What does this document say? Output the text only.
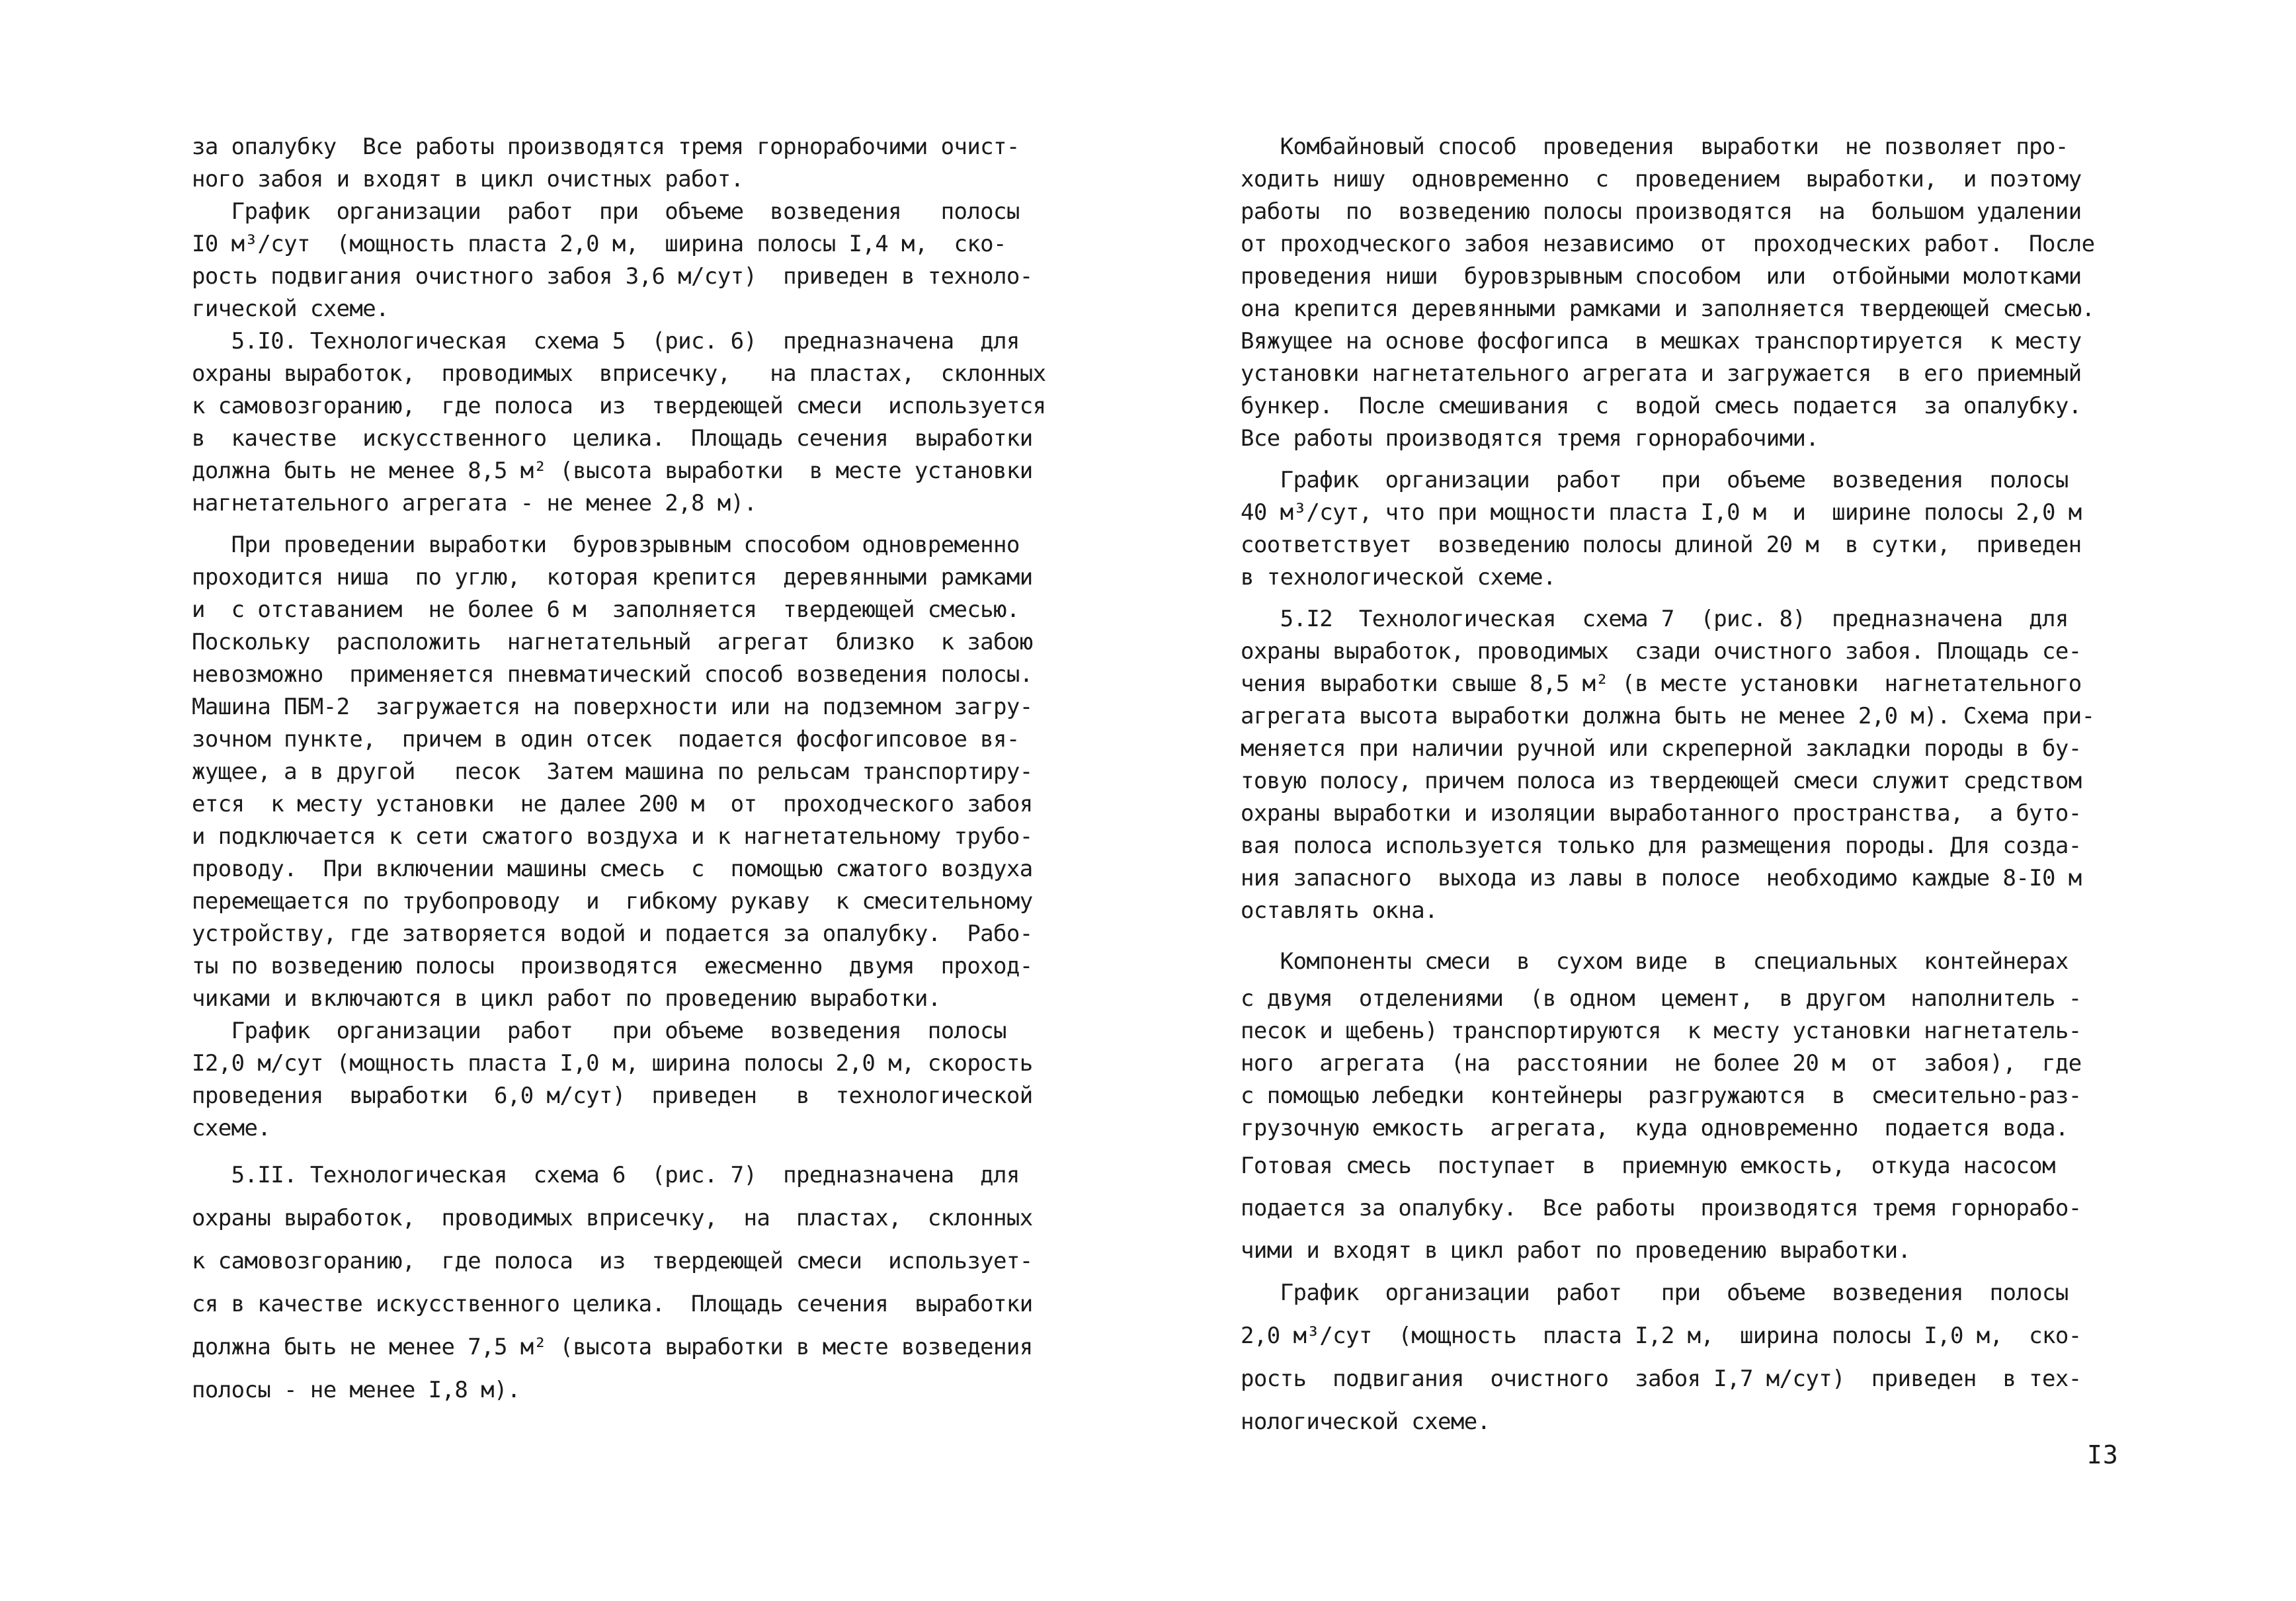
за опалубку  Все работы производятся тремя горнорабочими очист-
ного забоя и входят в цикл очистных работ.
График  организации  работ  при  объеме  возведения   полосы
I0 м³/сут  (мощность пласта 2,0 м,  ширина полосы I,4 м,  ско-
рость подвигания очистного забоя 3,6 м/сут)  приведен в техноло-
гической схеме.
5.I0. Технологическая  схема 5  (рис. 6)  предназначена  для
охраны выработок,  проводимых  вприсечку,   на пластах,  склонных
к самовозгоранию,  где полоса  из  твердеющей смеси  используется
в  качестве  искусственного  целика.  Площадь сечения  выработки
должна быть не менее 8,5 м² (высота выработки  в месте установки
нагнетательного агрегата - не менее 2,8 м).
При проведении выработки  буровзрывным способом одновременно
проходится ниша  по углю,  которая крепится  деревянными рамками
и  с отставанием  не более 6 м  заполняется  твердеющей смесью.
Поскольку  расположить  нагнетательный  агрегат  близко  к забою
невозможно  применяется пневматический способ возведения полосы.
Машина ПБМ-2  загружается на поверхности или на подземном загру-
зочном пункте,  причем в один отсек  подается фосфогипсовое вя-
жущее, а в другой   песок  Затем машина по рельсам транспортиру-
ется  к месту установки  не далее 200 м  от  проходческого забоя
и подключается к сети сжатого воздуха и к нагнетательному трубо-
проводу.  При включении машины смесь  с  помощью сжатого воздуха
перемещается по трубопроводу  и  гибкому рукаву  к смесительному
устройству, где затворяется водой и подается за опалубку.  Рабо-
ты по возведению полосы  производятся  ежесменно  двумя  проход-
чиками и включаются в цикл работ по проведению выработки.
График  организации  работ   при объеме  возведения  полосы
I2,0 м/сут (мощность пласта I,0 м, ширина полосы 2,0 м, скорость
проведения  выработки  6,0 м/сут)  приведен   в  технологической
схеме.
5.II. Технологическая  схема 6  (рис. 7)  предназначена  для
охраны выработок,  проводимых вприсечку,  на  пластах,  склонных
к самовозгоранию,  где полоса  из  твердеющей смеси  использует-
ся в качестве искусственного целика.  Площадь сечения  выработки
должна быть не менее 7,5 м² (высота выработки в месте возведения
полосы - не менее I,8 м).
Комбайновый способ  проведения  выработки  не позволяет про-
ходить нишу  одновременно  с  проведением  выработки,  и поэтому
работы  по  возведению полосы производятся  на  большом удалении
от проходческого забоя независимо  от  проходческих работ.  После
проведения ниши  буровзрывным способом  или  отбойными молотками
она крепится деревянными рамками и заполняется твердеющей смесью.
Вяжущее на основе фосфогипса  в мешках транспортируется  к месту
установки нагнетательного агрегата и загружается  в его приемный
бункер.  После смешивания  с  водой смесь подается  за опалубку.
Все работы производятся тремя горнорабочими.
График  организации  работ   при  объеме  возведения  полосы
40 м³/сут, что при мощности пласта I,0 м  и  ширине полосы 2,0 м
соответствует  возведению полосы длиной 20 м  в сутки,  приведен
в технологической схеме.
5.I2  Технологическая  схема 7  (рис. 8)  предназначена  для
охраны выработок, проводимых  сзади очистного забоя. Площадь се-
чения выработки свыше 8,5 м² (в месте установки  нагнетательного
агрегата высота выработки должна быть не менее 2,0 м). Схема при-
меняется при наличии ручной или скреперной закладки породы в бу-
товую полосу, причем полоса из твердеющей смеси служит средством
охраны выработки и изоляции выработанного пространства,  а буто-
вая полоса используется только для размещения породы. Для созда-
ния запасного  выхода из лавы в полосе  необходимо каждые 8-I0 м
оставлять окна.
Компоненты смеси  в  сухом виде  в  специальных  контейнерах
с двумя  отделениями  (в одном  цемент,  в другом  наполнитель -
песок и щебень) транспортируются  к месту установки нагнетатель-
ного  агрегата  (на  расстоянии  не более 20 м  от  забоя),  где
с помощью лебедки  контейнеры  разгружаются  в  смесительно-раз-
грузочную емкость  агрегата,  куда одновременно  подается вода.
Готовая смесь  поступает  в  приемную емкость,  откуда насосом
подается за опалубку.  Все работы  производятся тремя горнорабо-
чими и входят в цикл работ по проведению выработки.
График  организации  работ   при  объеме  возведения  полосы
2,0 м³/сут  (мощность  пласта I,2 м,  ширина полосы I,0 м,  ско-
рость  подвигания  очистного  забоя I,7 м/сут)  приведен  в тех-
нологической схеме.
I3
